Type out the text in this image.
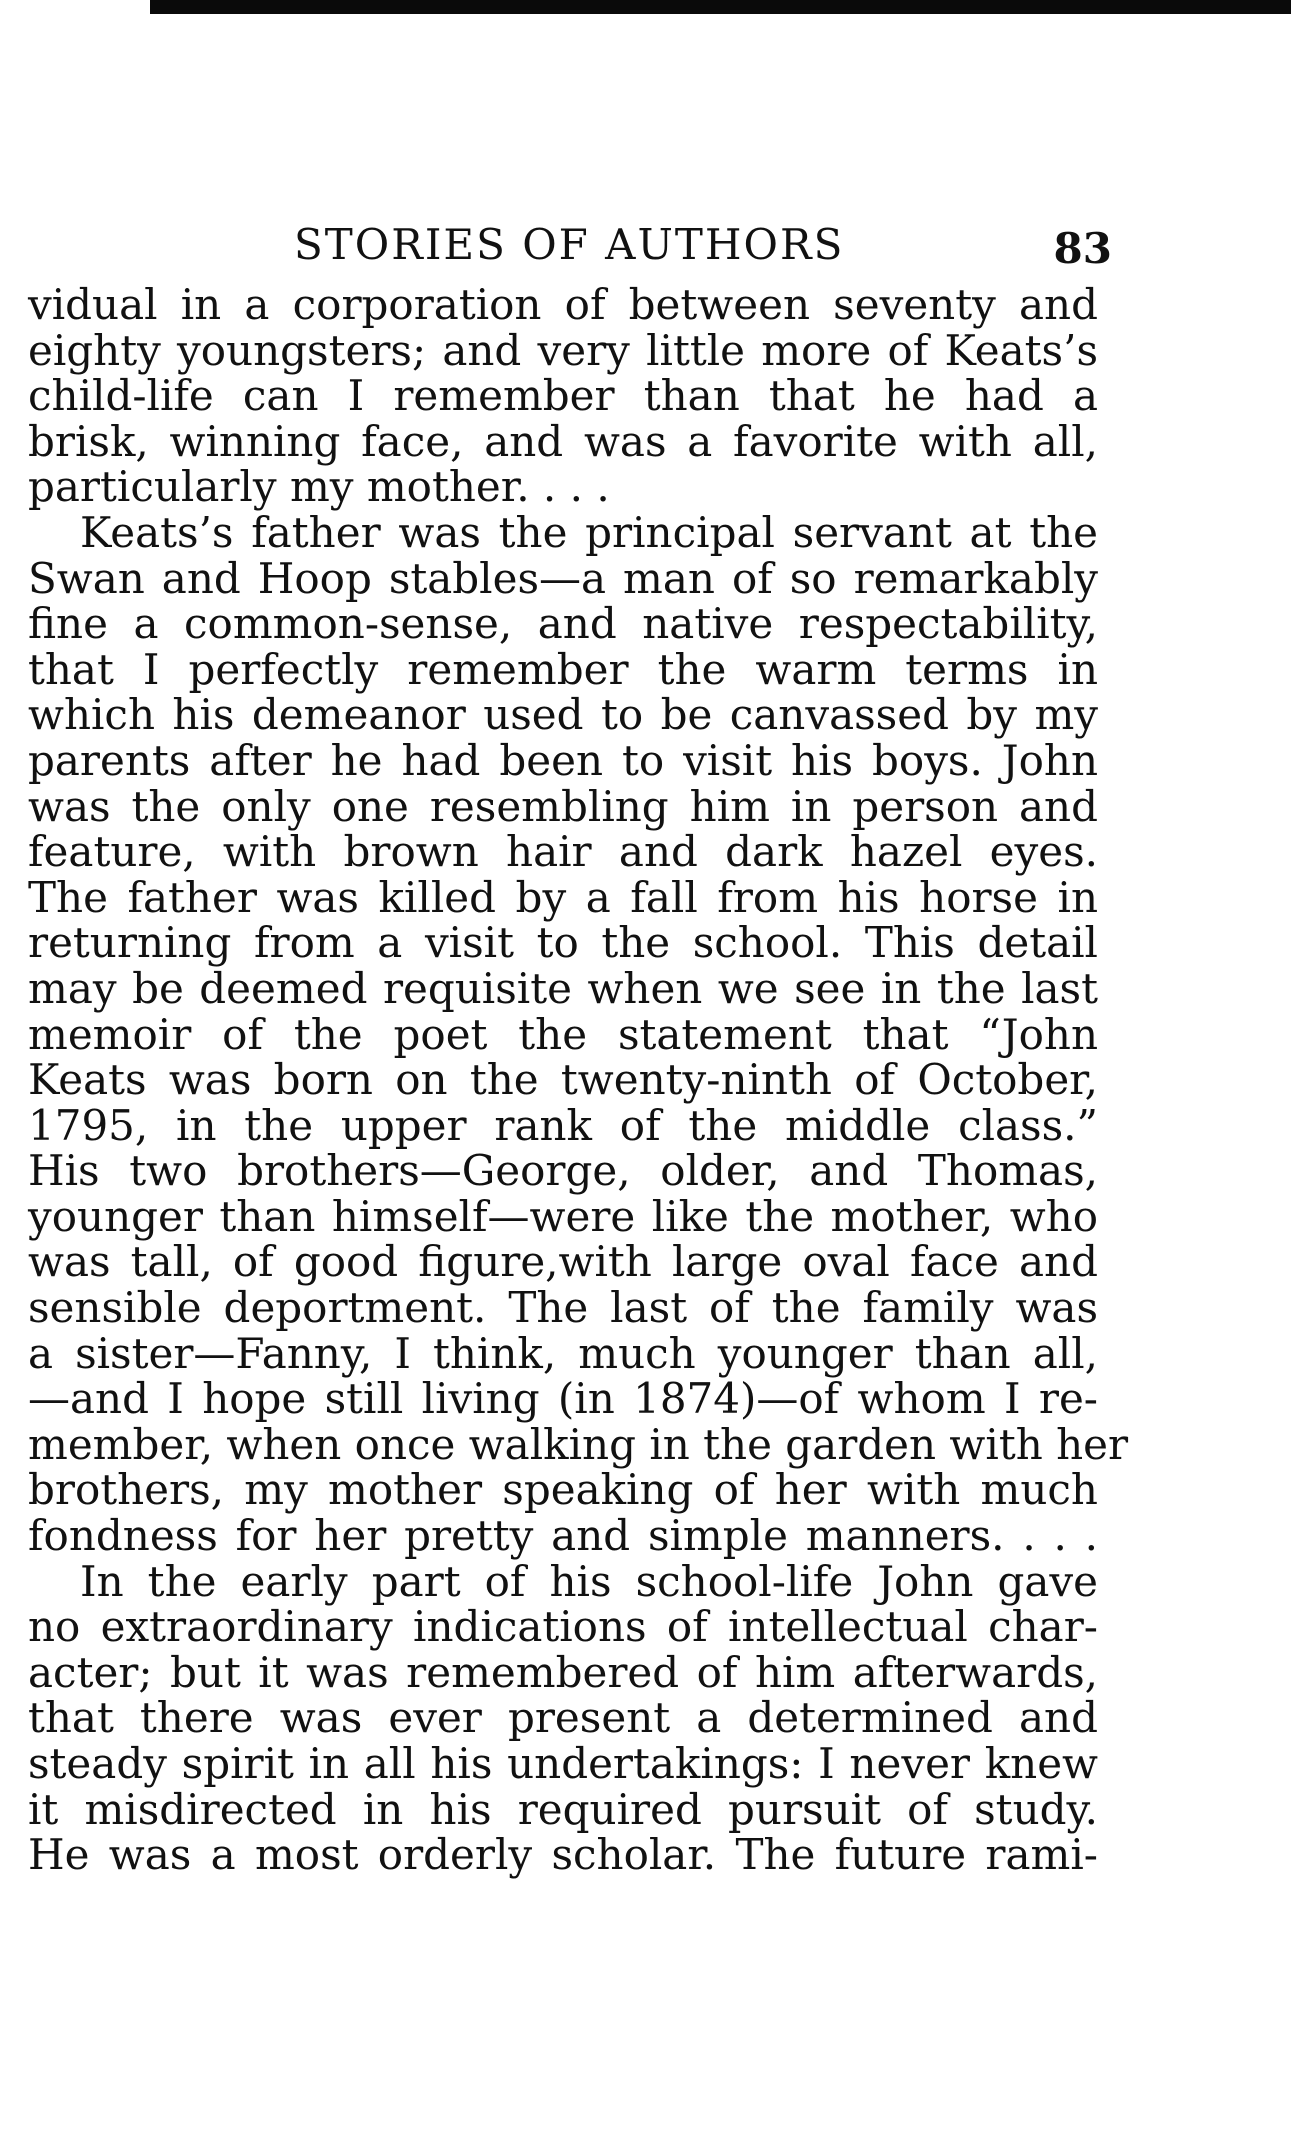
STORIES OF AUTHORS	83
vidual in a corporation of between seventy and
eighty youngsters; and very little more of Keats’s
child-life can I remember than that he had a
brisk, winning face, and was a favorite with all,
particularly my mother. . . .
Keats’s father was the principal servant at the
Swan and Hoop stables—a man of so remarkably
fine a common-sense, and native respectability,
that I perfectly remember the warm terms in
which his demeanor used to be canvassed by my
parents after he had been to visit his boys. John
was the only one resembling him in person and
feature, with brown hair and dark hazel eyes.
The father was killed by a fall from his horse in
returning from a visit to the school. This detail
may be deemed requisite when we see in the last
memoir of the poet the statement that “John
Keats was born on the twenty-ninth of October,
1795, in the upper rank of the middle class.”
His two brothers—George, older, and Thomas,
younger than himself—were like the mother, who
was tall, of good figure,with large oval face and
sensible deportment. The last of the family was
a sister—Fanny, I think, much younger than all,
—and I hope still living (in 1874)—of whom I re-
member, when once walking in the garden with her
brothers, my mother speaking of her with much
fondness for her pretty and simple manners. . . .
In the early part of his school-life John gave
no extraordinary indications of intellectual char-
acter; but it was remembered of him afterwards,
that there was ever present a determined and
steady spirit in all his undertakings: I never knew
it misdirected in his required pursuit of study.
He was a most orderly scholar. The future rami-
